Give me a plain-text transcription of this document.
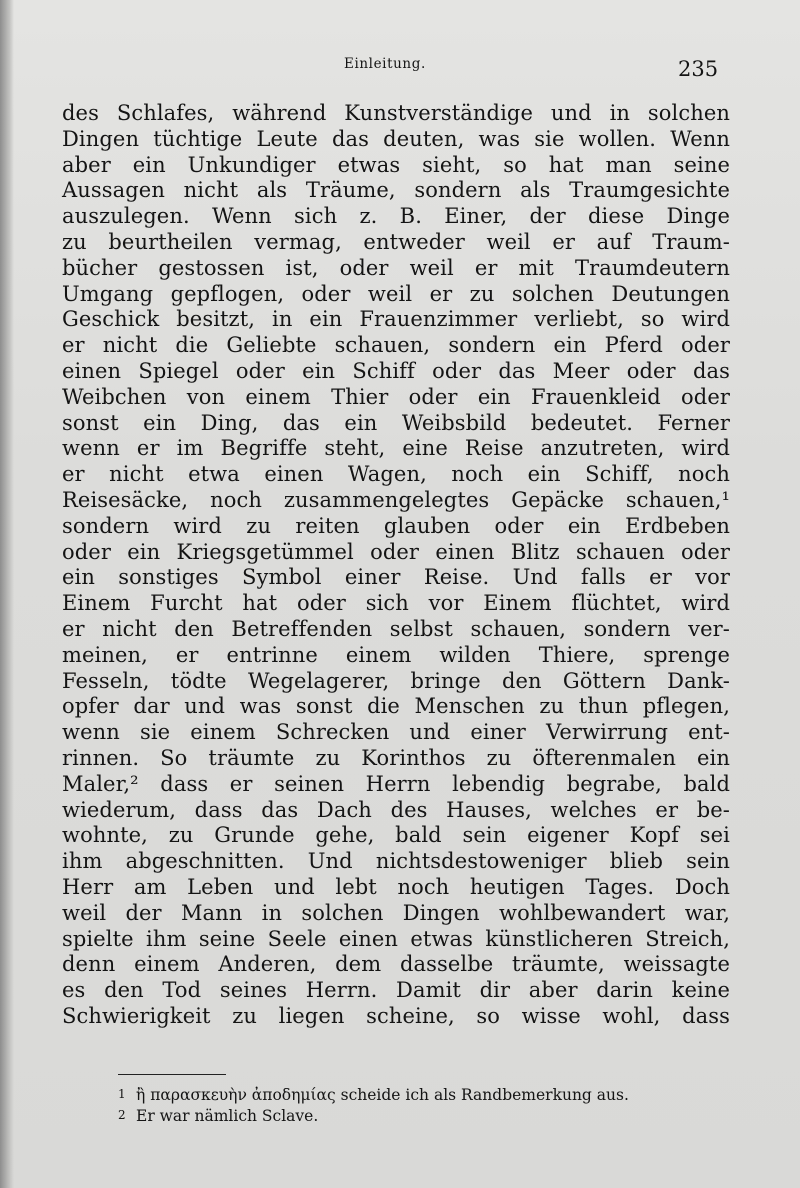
Einleitung.	235
des Schlafes, während Kunstverständige und in solchen
Dingen tüchtige Leute das deuten, was sie wollen. Wenn
aber ein Unkundiger etwas sieht, so hat man seine
Aussagen nicht als Träume, sondern als Traumgesichte
auszulegen. Wenn sich z. B. Einer, der diese Dinge
zu beurtheilen vermag, entweder weil er auf Traum-
bücher gestossen ist, oder weil er mit Traumdeutern
Umgang gepflogen, oder weil er zu solchen Deutungen
Geschick besitzt, in ein Frauenzimmer verliebt, so wird
er nicht die Geliebte schauen, sondern ein Pferd oder
einen Spiegel oder ein Schiff oder das Meer oder das
Weibchen von einem Thier oder ein Frauenkleid oder
sonst ein Ding, das ein Weibsbild bedeutet. Ferner
wenn er im Begriffe steht, eine Reise anzutreten, wird
er nicht etwa einen Wagen, noch ein Schiff, noch
Reisesäcke, noch zusammengelegtes Gepäcke schauen,¹
sondern wird zu reiten glauben oder ein Erdbeben
oder ein Kriegsgetümmel oder einen Blitz schauen oder
ein sonstiges Symbol einer Reise. Und falls er vor
Einem Furcht hat oder sich vor Einem flüchtet, wird
er nicht den Betreffenden selbst schauen, sondern ver-
meinen, er entrinne einem wilden Thiere, sprenge
Fesseln, tödte Wegelagerer, bringe den Göttern Dank-
opfer dar und was sonst die Menschen zu thun pflegen,
wenn sie einem Schrecken und einer Verwirrung ent-
rinnen. So träumte zu Korinthos zu öfterenmalen ein
Maler,² dass er seinen Herrn lebendig begrabe, bald
wiederum, dass das Dach des Hauses, welches er be-
wohnte, zu Grunde gehe, bald sein eigener Kopf sei
ihm abgeschnitten. Und nichtsdestoweniger blieb sein
Herr am Leben und lebt noch heutigen Tages. Doch
weil der Mann in solchen Dingen wohlbewandert war,
spielte ihm seine Seele einen etwas künstlicheren Streich,
denn einem Anderen, dem dasselbe träumte, weissagte
es den Tod seines Herrn. Damit dir aber darin keine
Schwierigkeit zu liegen scheine, so wisse wohl, dass
1 ἢ παρασκευὴν ἀποδημίας scheide ich als Randbemerkung aus.
2 Er war nämlich Sclave.
